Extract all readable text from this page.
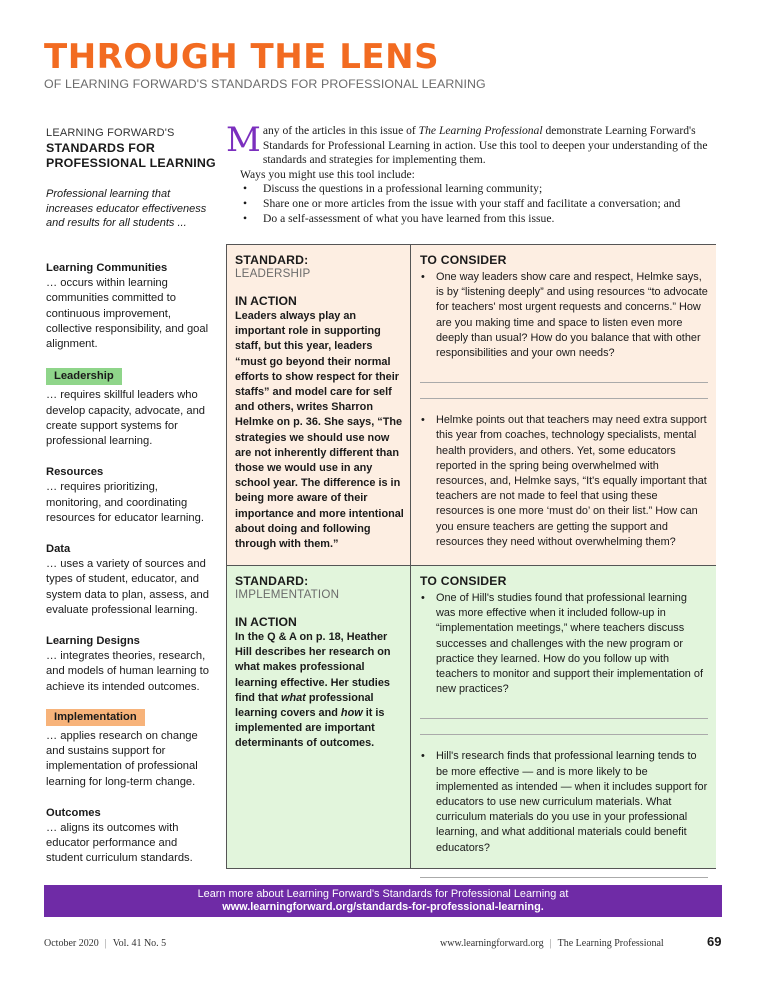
THROUGH THE LENS
OF LEARNING FORWARD'S STANDARDS FOR PROFESSIONAL LEARNING
LEARNING FORWARD'S
STANDARDS FOR
PROFESSIONAL LEARNING
Professional learning that increases educator effectiveness and results for all students ...
Learning Communities
… occurs within learning communities committed to continuous improvement, collective responsibility, and goal alignment.
Leadership
… requires skillful leaders who develop capacity, advocate, and create support systems for professional learning.
Resources
… requires prioritizing, monitoring, and coordinating resources for educator learning.
Data
… uses a variety of sources and types of student, educator, and system data to plan, assess, and evaluate professional learning.
Learning Designs
… integrates theories, research, and models of human learning to achieve its intended outcomes.
Implementation
… applies research on change and sustains support for implementation of professional learning for long-term change.
Outcomes
… aligns its outcomes with educator performance and student curriculum standards.
M any of the articles in this issue of The Learning Professional demonstrate Learning Forward's Standards for Professional Learning in action. Use this tool to deepen your understanding of the standards and strategies for implementing them.
Ways you might use this tool include:
• Discuss the questions in a professional learning community;
• Share one or more articles from the issue with your staff and facilitate a conversation; and
• Do a self-assessment of what you have learned from this issue.
STANDARD:
LEADERSHIP
IN ACTION
Leaders always play an important role in supporting staff, but this year, leaders “must go beyond their normal efforts to show respect for their staffs” and model care for self and others, writes Sharron Helmke on p. 36. She says, “The strategies we should use now are not inherently different than those we would use in any school year. The difference is in being more aware of their importance and more intentional about doing and following through with them.”
TO CONSIDER
• One way leaders show care and respect, Helmke says, is by “listening deeply” and using resources “to advocate for teachers' most urgent requests and concerns.” How are you making time and space to listen even more deeply than usual? How do you balance that with other responsibilities and your own needs?
• Helmke points out that teachers may need extra support this year from coaches, technology specialists, mental health providers, and others. Yet, some educators reported in the spring being overwhelmed with resources, and, Helmke says, “It's equally important that teachers are not made to feel that using these resources is one more ‘must do’ on their list.” How can you ensure teachers are getting the support and resources they need without overwhelming them?
STANDARD:
IMPLEMENTATION
IN ACTION
In the Q & A on p. 18, Heather Hill describes her research on what makes professional learning effective. Her studies find that what professional learning covers and how it is implemented are important determinants of outcomes.
TO CONSIDER
• One of Hill's studies found that professional learning was more effective when it included follow-up in “implementation meetings,” where teachers discuss successes and challenges with the new program or practice they learned. How do you follow up with teachers to monitor and support their implementation of new practices?
• Hill's research finds that professional learning tends to be more effective — and is more likely to be implemented as intended — when it includes support for educators to use new curriculum materials. What curriculum materials do you use in your professional learning, and what additional materials could benefit educators?
Learn more about Learning Forward's Standards for Professional Learning at
www.learningforward.org/standards-for-professional-learning.
October 2020 | Vol. 41 No. 5	www.learningforward.org | The Learning Professional	69
